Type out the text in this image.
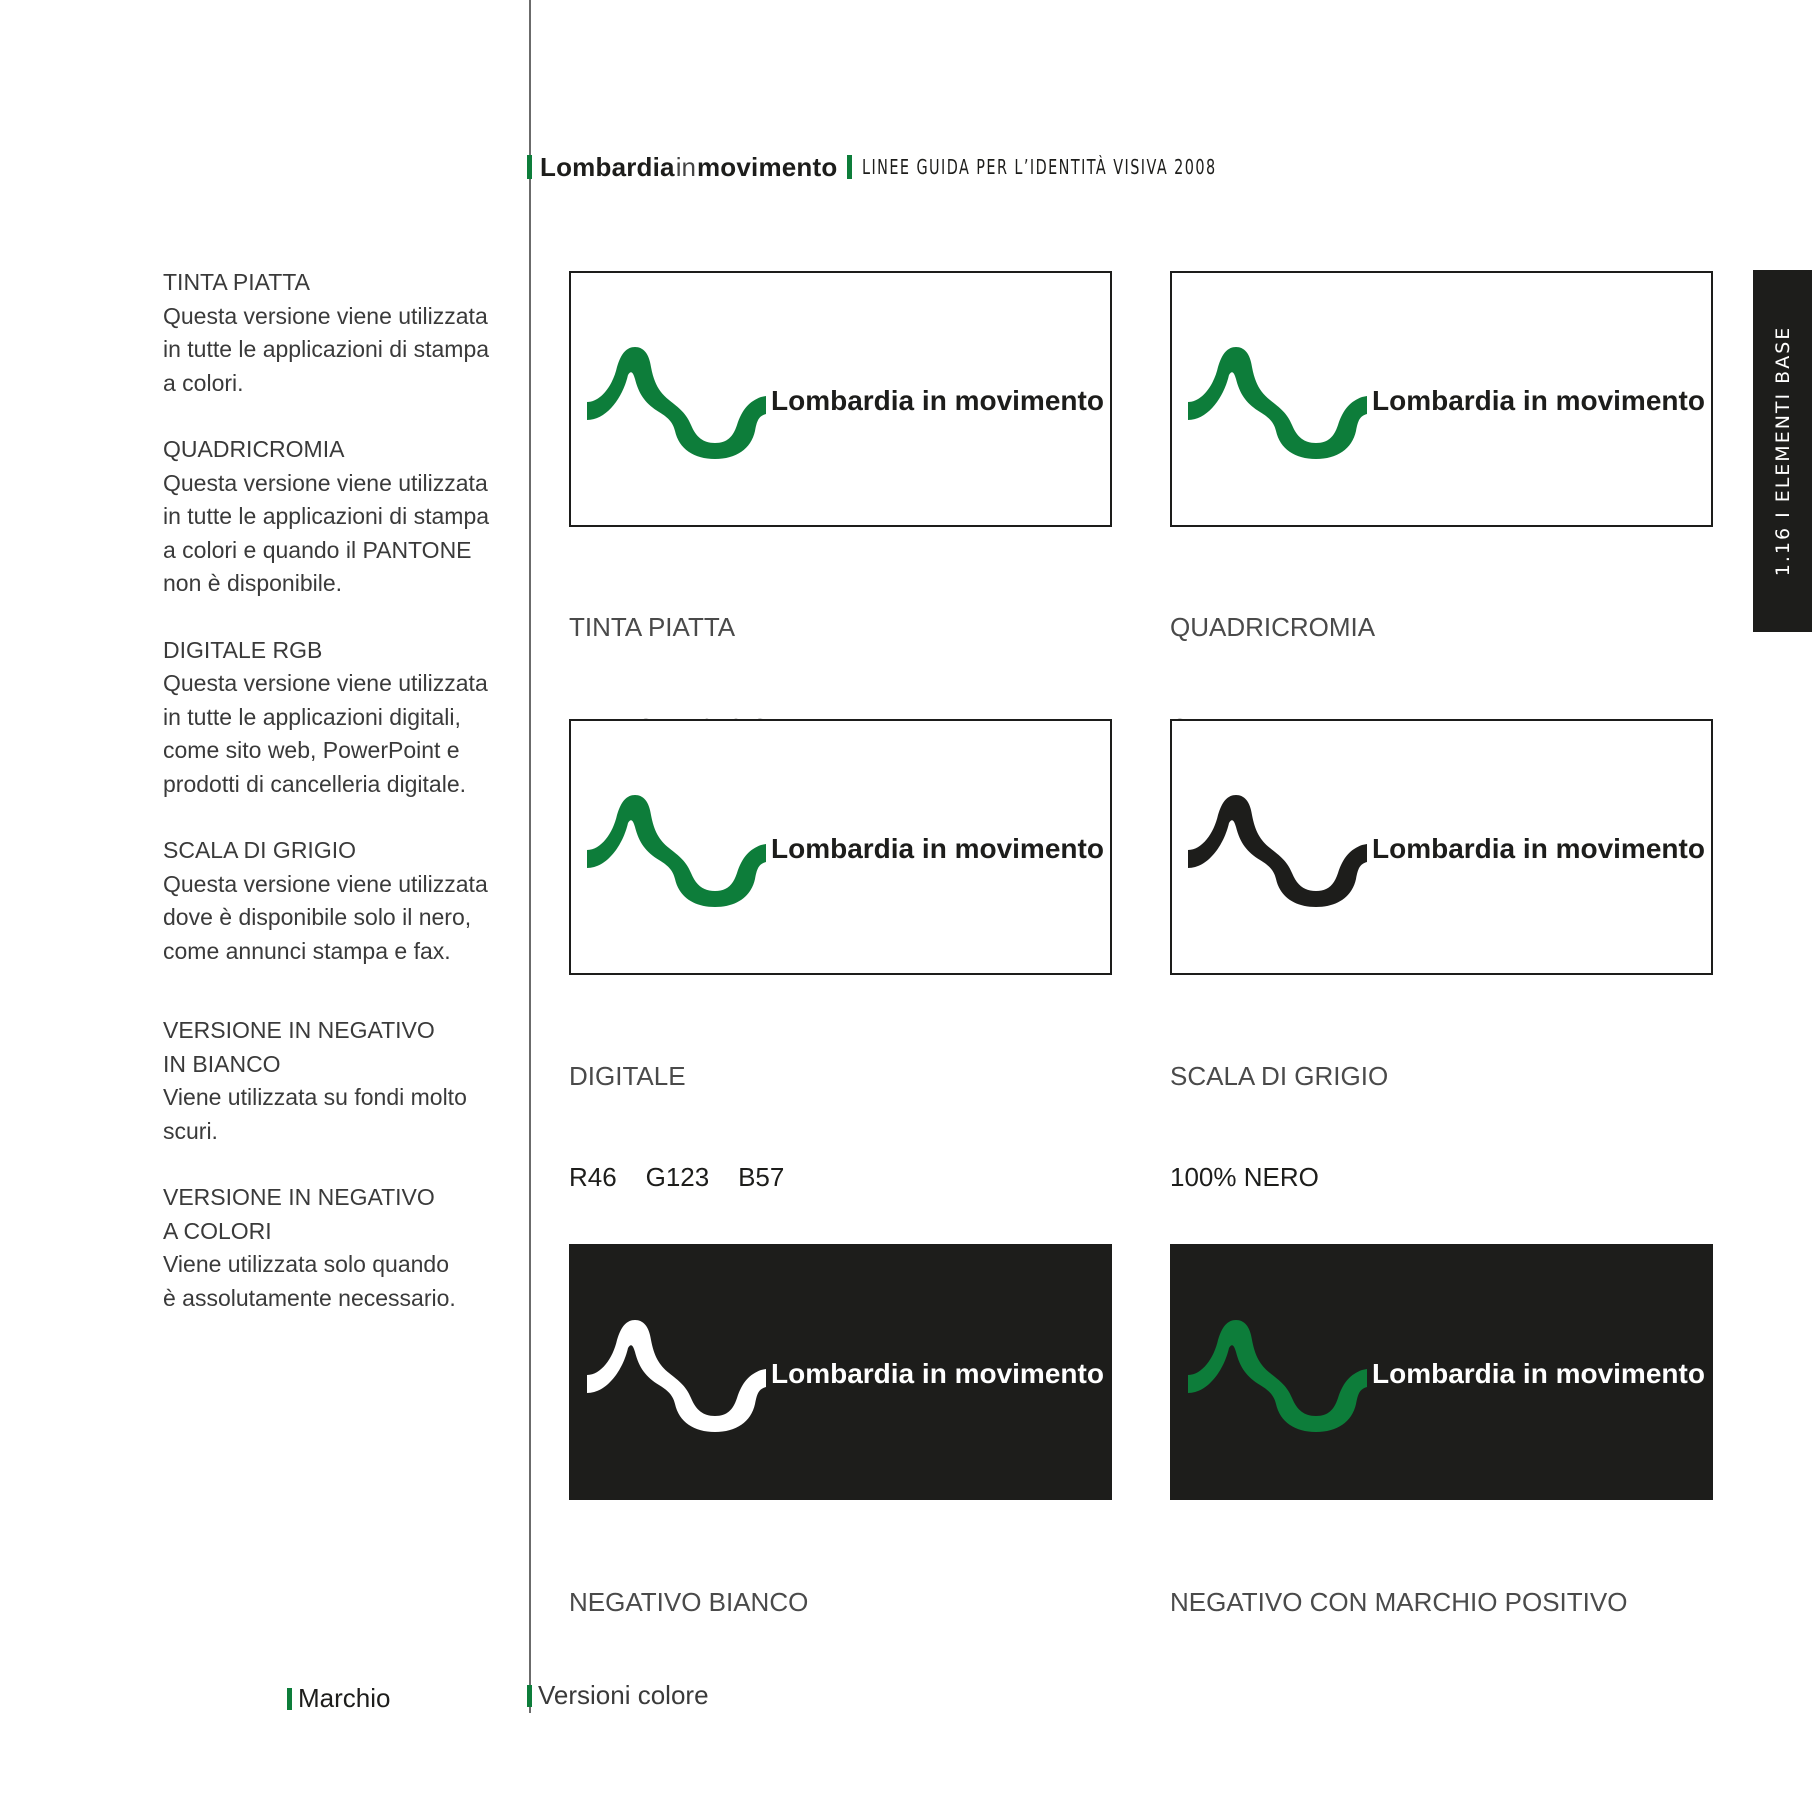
Lombardia in movimento LINEE GUIDA PER L’IDENTITÀ VISIVA 2008
TINTA PIATTA
Questa versione viene utilizzata
in tutte le applicazioni di stampa
a colori.
QUADRICROMIA
Questa versione viene utilizzata
in tutte le applicazioni di stampa
a colori e quando il PANTONE
non è disponibile.
DIGITALE RGB
Questa versione viene utilizzata
in tutte le applicazioni digitali,
come sito web, PowerPoint e
prodotti di cancelleria digitale.
SCALA DI GRIGIO
Questa versione viene utilizzata
dove è disponibile solo il nero,
come annunci stampa e fax.
VERSIONE IN NEGATIVO
IN BIANCO
Viene utilizzata su fondi molto
scuri.
VERSIONE IN NEGATIVO
A COLORI
Viene utilizzata solo quando
è assolutamente necessario.
1.16 I ELEMENTI BASE
Lombardia in movimento	Lombardia in movimento

TINTA PIATTA

	QUADRICROMIA

Lombardia in movimento	Lombardia in movimento

DIGITALE

R46    G123    B57

SCALA DI GRIGIO

100% NERO

Lombardia in movimento	Lombardia in movimento

NEGATIVO BIANCO

	NEGATIVO CON MARCHIO POSITIVO

Marchio	Versioni colore
